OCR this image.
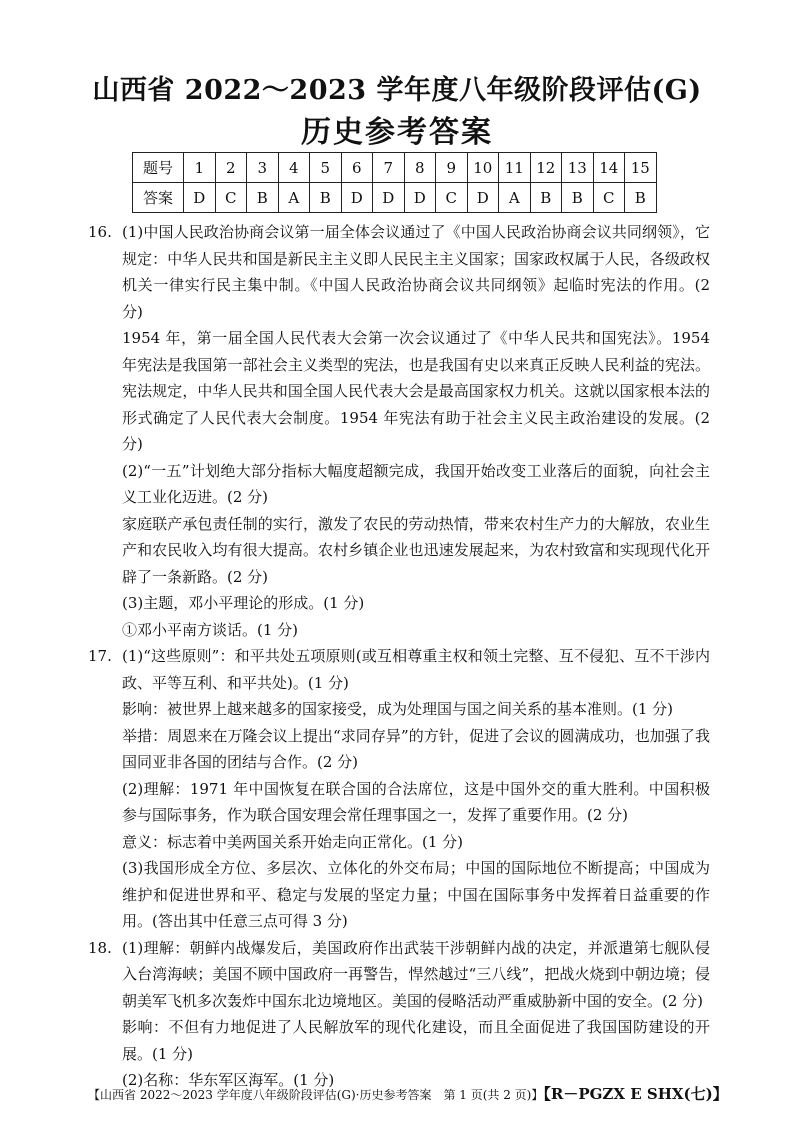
山西省 2022～2023 学年度八年级阶段评估(G)
历史参考答案
题号	1	2	3	4	5	6	7	8	9	10	11	12	13	14	15
答案	D	C	B	A	B	D	D	D	C	D	A	B	B	C	B
16. (1)中国人民政治协商会议第一届全体会议通过了《中国人民政治协商会议共同纲领》，它规定：中华人民共和国是新民主主义即人民民主主义国家；国家政权属于人民，各级政权机关一律实行民主集中制。《中国人民政治协商会议共同纲领》起临时宪法的作用。(2 分)

1954 年，第一届全国人民代表大会第一次会议通过了《中华人民共和国宪法》。1954 年宪法是我国第一部社会主义类型的宪法，也是我国有史以来真正反映人民利益的宪法。宪法规定，中华人民共和国全国人民代表大会是最高国家权力机关。这就以国家根本法的形式确定了人民代表大会制度。1954 年宪法有助于社会主义民主政治建设的发展。(2 分)

(2)“一五”计划绝大部分指标大幅度超额完成，我国开始改变工业落后的面貌，向社会主义工业化迈进。(2 分)

家庭联产承包责任制的实行，激发了农民的劳动热情，带来农村生产力的大解放，农业生产和农民收入均有很大提高。农村乡镇企业也迅速发展起来，为农村致富和实现现代化开辟了一条新路。(2 分)

(3)主题，邓小平理论的形成。(1 分)

①邓小平南方谈话。(1 分)

17. (1)“这些原则”：和平共处五项原则(或互相尊重主权和领土完整、互不侵犯、互不干涉内政、平等互利、和平共处)。(1 分)

影响：被世界上越来越多的国家接受，成为处理国与国之间关系的基本准则。(1 分)

举措：周恩来在万隆会议上提出“求同存异”的方针，促进了会议的圆满成功，也加强了我国同亚非各国的团结与合作。(2 分)

(2)理解：1971 年中国恢复在联合国的合法席位，这是中国外交的重大胜利。中国积极参与国际事务，作为联合国安理会常任理事国之一，发挥了重要作用。(2 分)

意义：标志着中美两国关系开始走向正常化。(1 分)

(3)我国形成全方位、多层次、立体化的外交布局；中国的国际地位不断提高；中国成为维护和促进世界和平、稳定与发展的坚定力量；中国在国际事务中发挥着日益重要的作用。(答出其中任意三点可得 3 分)

18. (1)理解：朝鲜内战爆发后，美国政府作出武装干涉朝鲜内战的决定，并派遣第七舰队侵入台湾海峡；美国不顾中国政府一再警告，悍然越过“三八线”，把战火烧到中朝边境；侵朝美军飞机多次轰炸中国东北边境地区。美国的侵略活动严重威胁新中国的安全。(2 分)

影响：不但有力地促进了人民解放军的现代化建设，而且全面促进了我国国防建设的开展。(1 分)

(2)名称：华东军区海军。(1 分)

【山西省 2022～2023 学年度八年级阶段评估(G)·历史参考答案　第 1 页(共 2 页)】【R－PGZX E SHX(七)】
